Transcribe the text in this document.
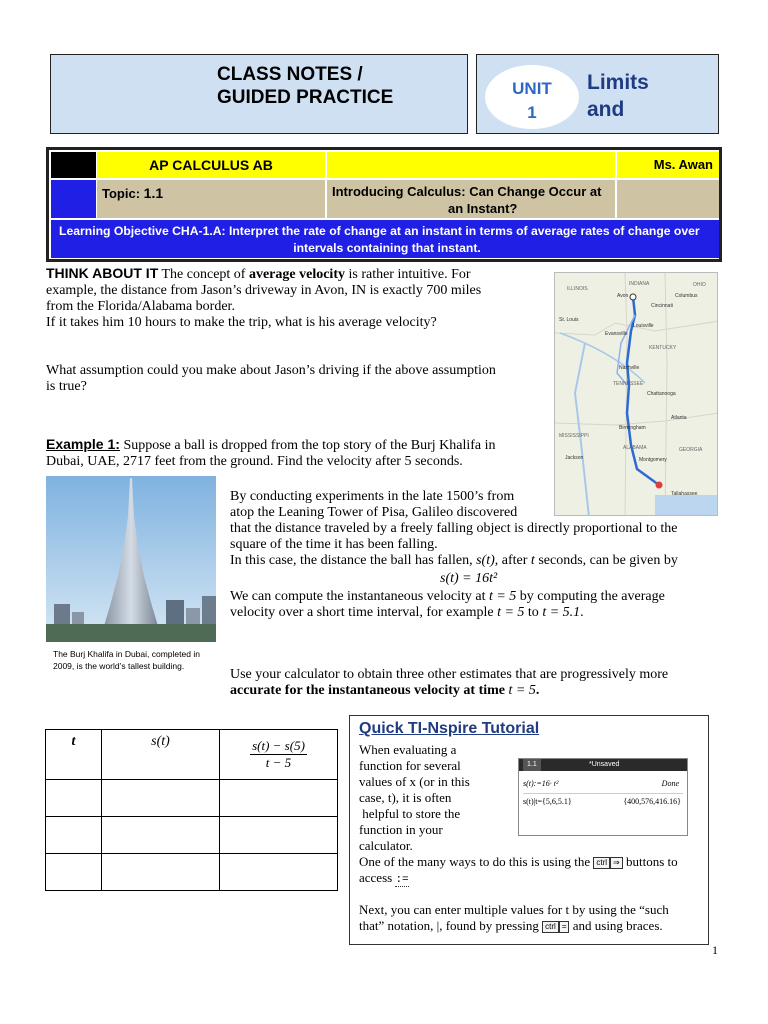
CLASS NOTES /
GUIDED PRACTICE	UNIT
1
Limits
and
AP CALCULUS AB	Ms. Awan
Topic: 1.1	Introducing Calculus: Can Change Occur at
an Instant?
Learning Objective CHA-1.A: Interpret the rate of change at an instant in terms of average rates of change over
intervals containing that instant.
THINK ABOUT IT The concept of average velocity is rather intuitive. For
example, the distance from Jason’s driveway in Avon, IN is exactly 700 miles
from the Florida/Alabama border.
If it takes him 10 hours to make the trip, what is his average velocity?
What assumption could you make about Jason’s driving if the above assumption
is true?
ILLINOIS
INDIANA	OHIO
Avon	Columbus
Cincinnati
St. Louis
Louisville
Evansville
KENTUCKY
Nashville
TENNESSEE
Chattanooga
MISSISSIPPI
ALABAMA
Atlanta
GEORGIA
Birmingham
Montgomery
Jackson
Tallahassee
Example 1: Suppose a ball is dropped from the top story of the Burj Khalifa in
Dubai, UAE, 2717 feet from the ground. Find the velocity after 5 seconds.
The Burj Khalifa in Dubai, completed in
2009, is the world’s tallest building.
By conducting experiments in the late 1500’s from
atop the Leaning Tower of Pisa, Galileo discovered
that the distance traveled by a freely falling object is directly proportional to the
square of the time it has been falling.
In this case, the distance the ball has fallen, s(t), after t seconds, can be given by
s(t) = 16t²
We can compute the instantaneous velocity at t = 5 by computing the average
velocity over a short time interval, for example t = 5 to t = 5.1.
Use your calculator to obtain three other estimates that are progressively more
accurate for the instantaneous velocity at time t = 5.
t	s(t)	$\frac{s(t) - s(5)}{t - 5}$

Quick TI-Nspire Tutorial
When evaluating a
function for several
values of x (or in this
case, t), it is often
helpful to store the
function in your
calculator.
1.1	*Unsaved
s(t):=16· t²	Done
s(t)|t={5,6,5.1}	{400,576,416.16}
One of the many ways to do this is using the ctrl ⇒ buttons to
access :=
Next, you can enter multiple values for t by using the “such
that” notation, |, found by pressing ctrl = and using braces.
1
